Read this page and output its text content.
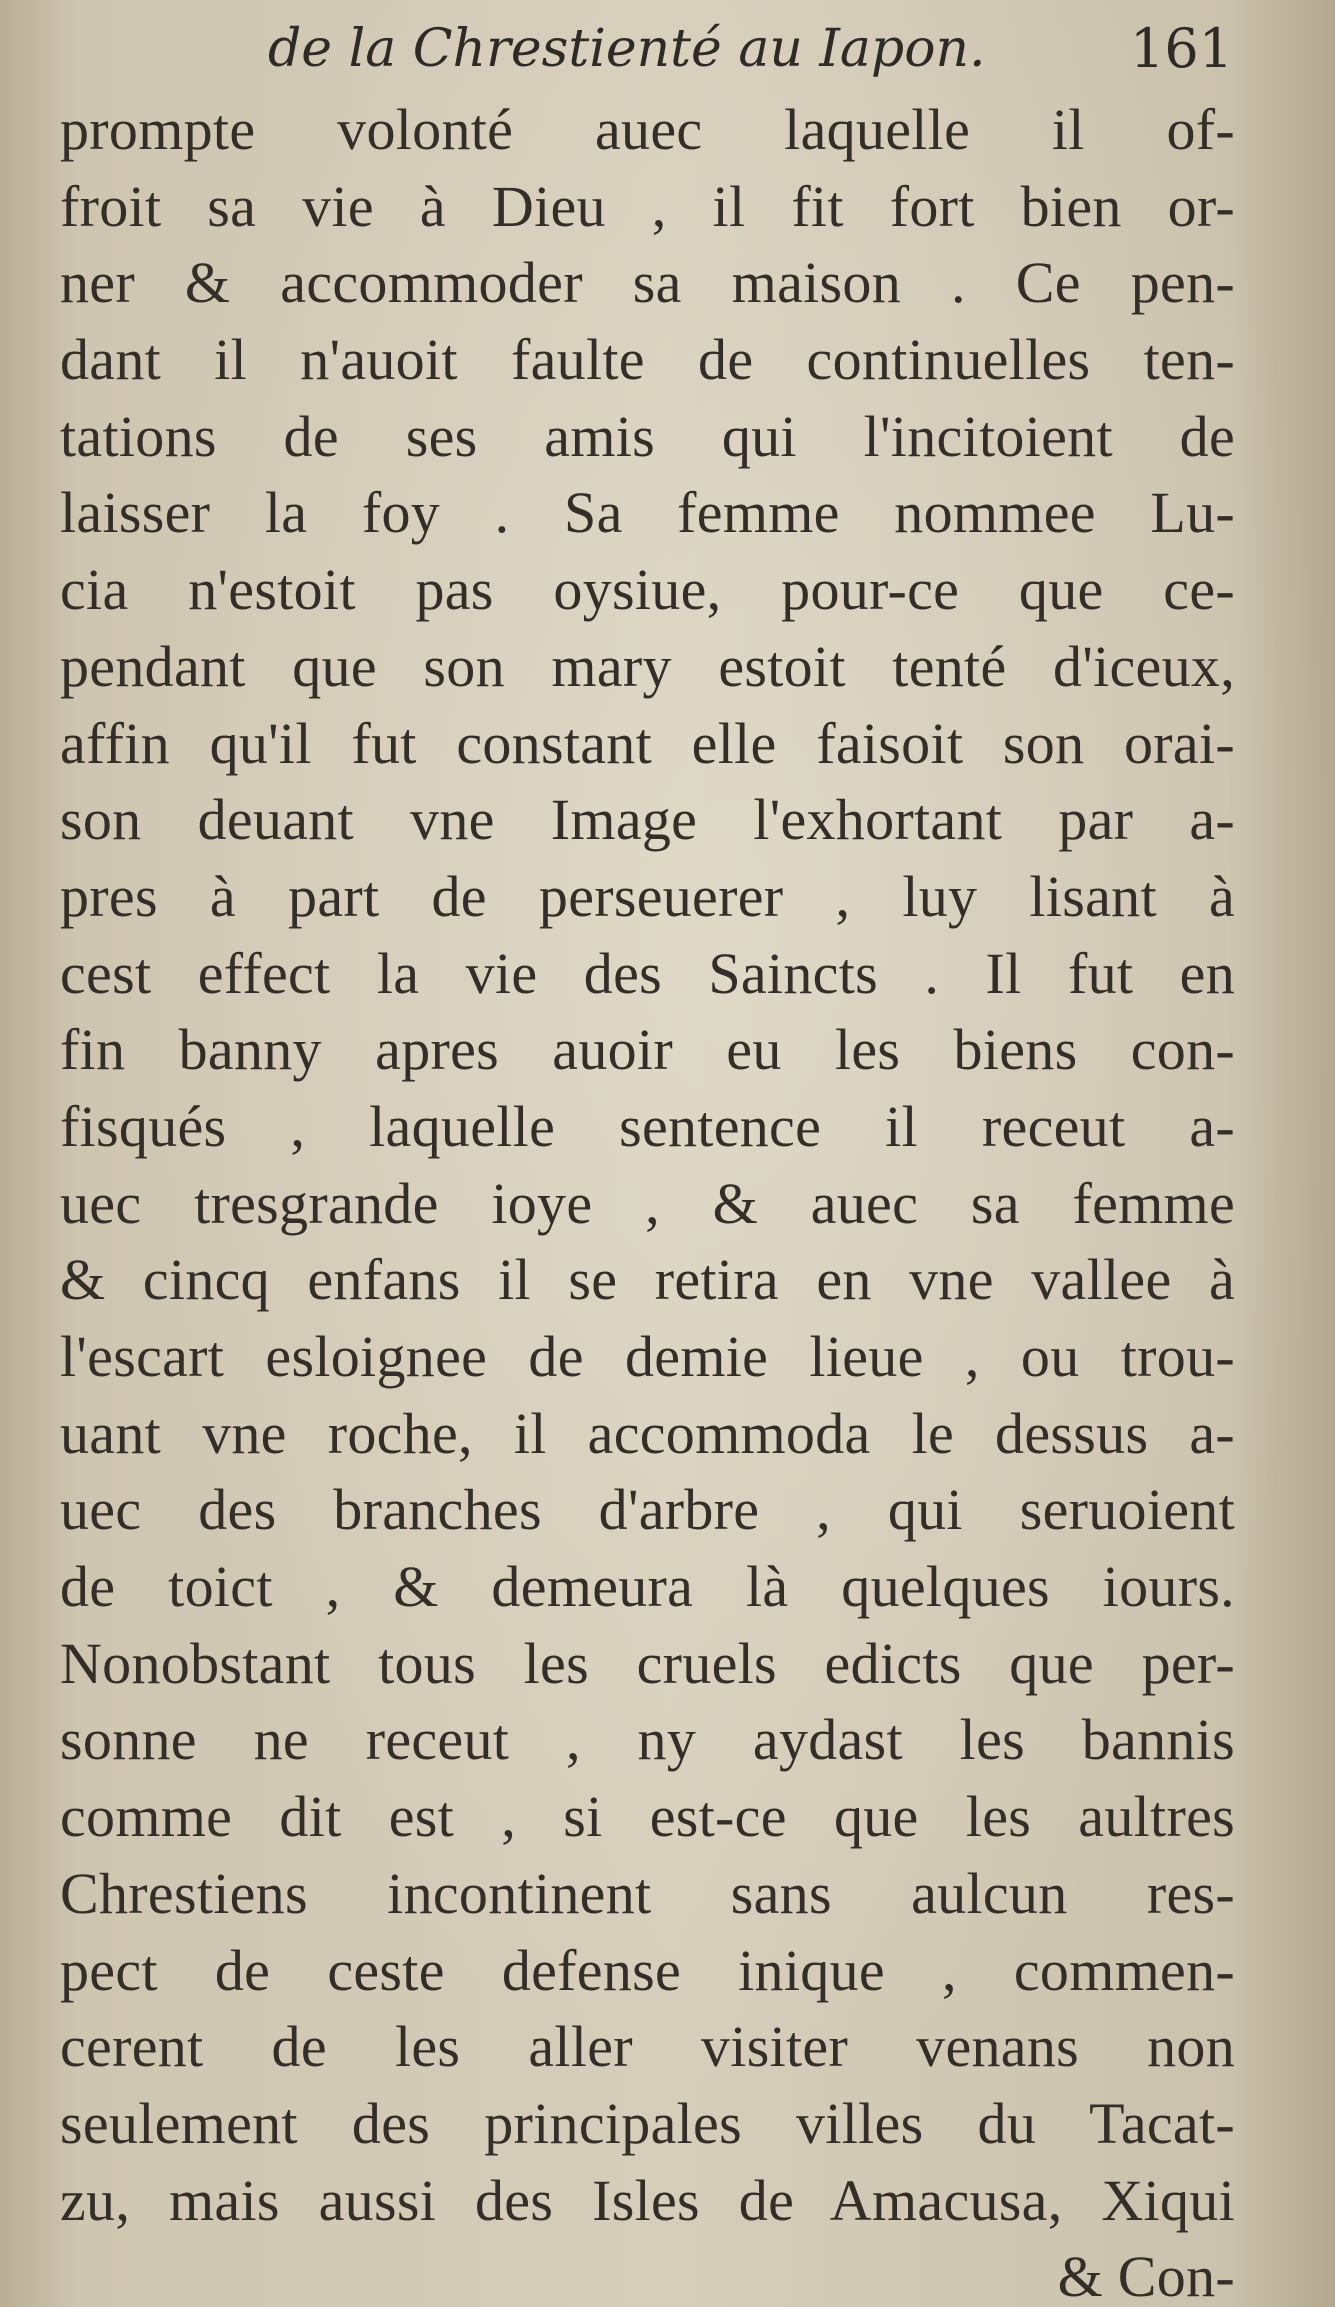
de la Chrestienté au Iapon.	161
prompte volonté auec laquelle il of-
froit sa vie à Dieu , il fit fort bien or-
ner & accommoder sa maison . Ce pen-
dant il n'auoit faulte de continuelles ten-
tations de ses amis qui l'incitoient de
laisser la foy . Sa femme nommee Lu-
cia n'estoit pas oysiue, pour-ce que ce-
pendant que son mary estoit tenté d'iceux,
affin qu'il fut constant elle faisoit son orai-
son deuant vne Image l'exhortant par a-
pres à part de perseuerer , luy lisant à
cest effect la vie des Saincts . Il fut en
fin banny apres auoir eu les biens con-
fisqués , laquelle sentence il receut a-
uec tresgrande ioye , & auec sa femme
& cincq enfans il se retira en vne vallee à
l'escart esloignee de demie lieue , ou trou-
uant vne roche, il accommoda le dessus a-
uec des branches d'arbre , qui seruoient
de toict , & demeura là quelques iours.
Nonobstant tous les cruels edicts que per-
sonne ne receut , ny aydast les bannis
comme dit est , si est-ce que les aultres
Chrestiens incontinent sans aulcun res-
pect de ceste defense inique , commen-
cerent de les aller visiter venans non
seulement des principales villes du Tacat-
zu, mais aussi des Isles de Amacusa, Xiqui
& Con-
